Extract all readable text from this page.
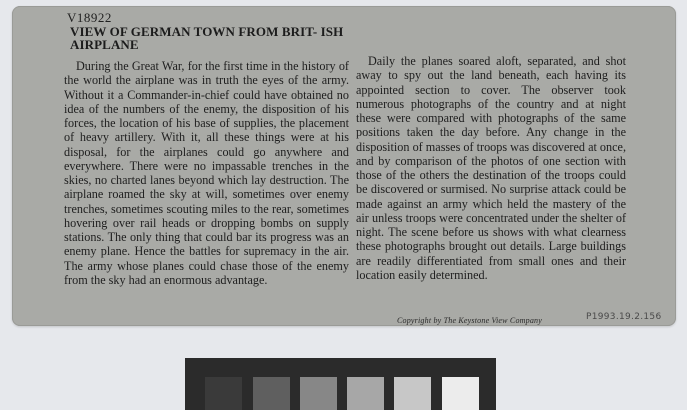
V18922
VIEW OF GERMAN TOWN FROM BRIT- ISH AIRPLANE
During the Great War, for the first time in the history of the world the airplane was in truth the eyes of the army. Without it a Commander-in-chief could have obtained no idea of the numbers of the enemy, the disposition of his forces, the location of his base of supplies, the placement of heavy artillery. With it, all these things were at his disposal, for the airplanes could go anywhere and everywhere. There were no impassable trenches in the skies, no charted lanes beyond which lay destruction. The airplane roamed the sky at will, sometimes over enemy trenches, sometimes scouting miles to the rear, sometimes hovering over rail heads or dropping bombs on supply stations. The only thing that could bar its progress was an enemy plane. Hence the battles for supremacy in the air. The army whose planes could chase those of the enemy from the sky had an enormous advantage.
Daily the planes soared aloft, separated, and shot away to spy out the land beneath, each having its appointed section to cover. The observer took numerous photographs of the country and at night these were compared with photographs of the same positions taken the day before. Any change in the disposition of masses of troops was discovered at once, and by comparison of the photos of one section with those of the others the destination of the troops could be discovered or surmised. No surprise attack could be made against an army which held the mastery of the air unless troops were concentrated under the shelter of night. The scene before us shows with what clearness these photographs brought out details. Large buildings are readily differentiated from small ones and their location easily determined.
Copyright by The Keystone View Company	P1993.19.2.156
